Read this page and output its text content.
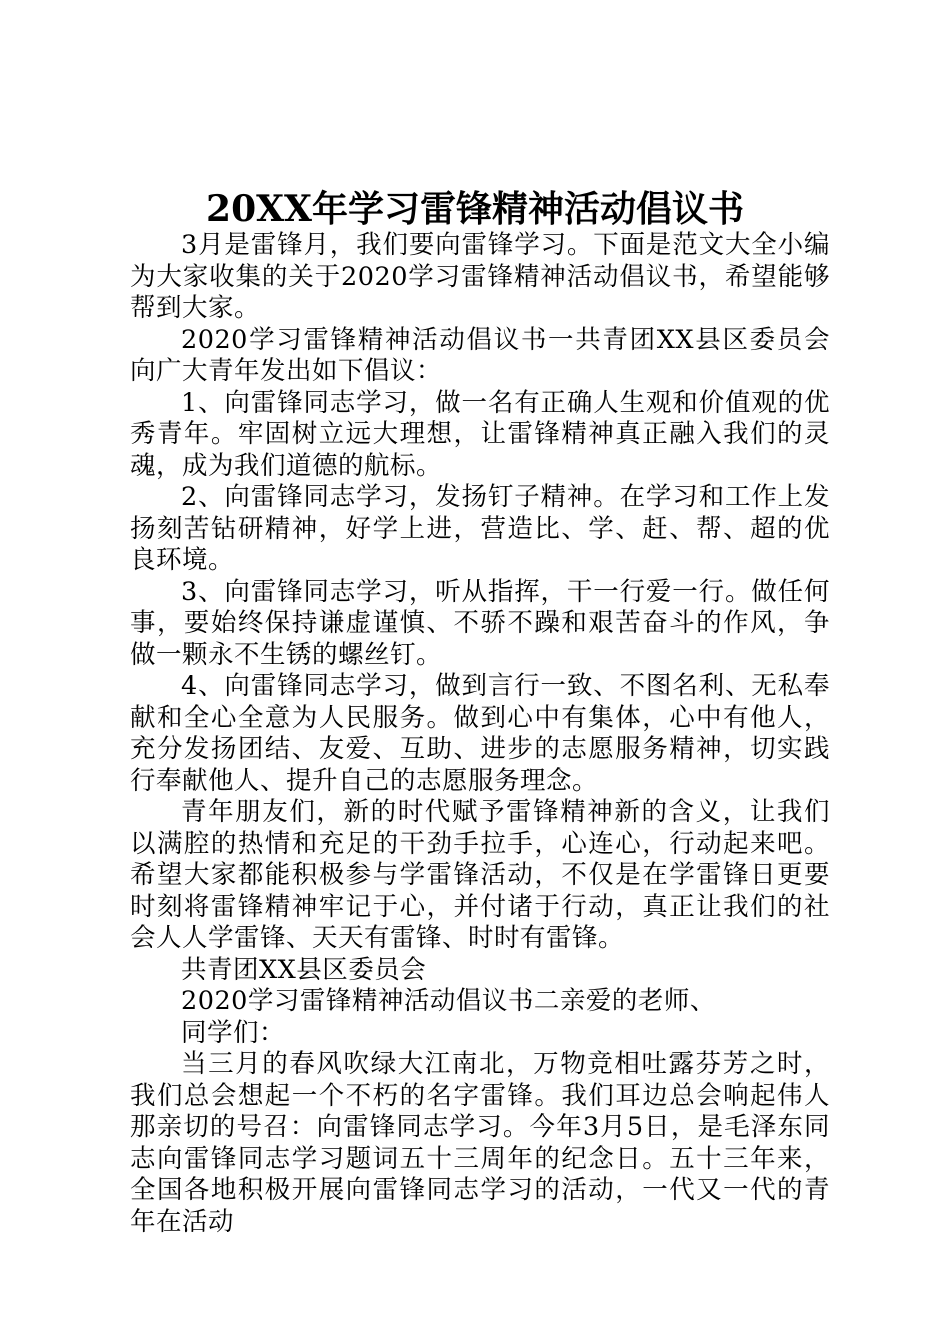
20XX年学习雷锋精神活动倡议书

3月是雷锋月，我们要向雷锋学习。下面是范文大全小编为大家收集的关于2020学习雷锋精神活动倡议书，希望能够帮到大家。

2020学习雷锋精神活动倡议书一共青团XX县区委员会向广大青年发出如下倡议：

1、向雷锋同志学习，做一名有正确人生观和价值观的优秀青年。牢固树立远大理想，让雷锋精神真正融入我们的灵魂，成为我们道德的航标。

2、向雷锋同志学习，发扬钉子精神。在学习和工作上发扬刻苦钻研精神，好学上进，营造比、学、赶、帮、超的优良环境。

3、向雷锋同志学习，听从指挥，干一行爱一行。做任何事，要始终保持谦虚谨慎、不骄不躁和艰苦奋斗的作风，争做一颗永不生锈的螺丝钉。

4、向雷锋同志学习，做到言行一致、不图名利、无私奉献和全心全意为人民服务。做到心中有集体，心中有他人，充分发扬团结、友爱、互助、进步的志愿服务精神，切实践行奉献他人、提升自己的志愿服务理念。

青年朋友们，新的时代赋予雷锋精神新的含义，让我们以满腔的热情和充足的干劲手拉手，心连心，行动起来吧。希望大家都能积极参与学雷锋活动，不仅是在学雷锋日更要时刻将雷锋精神牢记于心，并付诸于行动，真正让我们的社会人人学雷锋、天天有雷锋、时时有雷锋。

共青团XX县区委员会

2020学习雷锋精神活动倡议书二亲爱的老师、

同学们：

当三月的春风吹绿大江南北，万物竞相吐露芬芳之时，我们总会想起一个不朽的名字雷锋。我们耳边总会响起伟人那亲切的号召：向雷锋同志学习。今年3月5日，是毛泽东同志向雷锋同志学习题词五十三周年的纪念日。五十三年来，全国各地积极开展向雷锋同志学习的活动，一代又一代的青年在活动
